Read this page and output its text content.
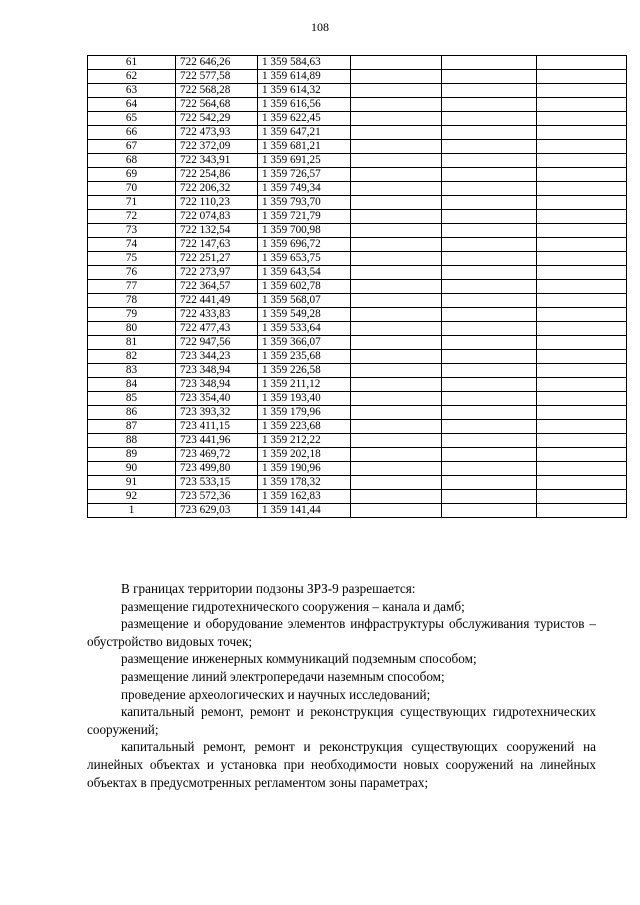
108
61	722 646,26	1 359 584,63			
62	722 577,58	1 359 614,89			
63	722 568,28	1 359 614,32			
64	722 564,68	1 359 616,56			
65	722 542,29	1 359 622,45			
66	722 473,93	1 359 647,21			
67	722 372,09	1 359 681,21			
68	722 343,91	1 359 691,25			
69	722 254,86	1 359 726,57			
70	722 206,32	1 359 749,34			
71	722 110,23	1 359 793,70			
72	722 074,83	1 359 721,79			
73	722 132,54	1 359 700,98			
74	722 147,63	1 359 696,72			
75	722 251,27	1 359 653,75			
76	722 273,97	1 359 643,54			
77	722 364,57	1 359 602,78			
78	722 441,49	1 359 568,07			
79	722 433,83	1 359 549,28			
80	722 477,43	1 359 533,64			
81	722 947,56	1 359 366,07			
82	723 344,23	1 359 235,68			
83	723 348,94	1 359 226,58			
84	723 348,94	1 359 211,12			
85	723 354,40	1 359 193,40			
86	723 393,32	1 359 179,96			
87	723 411,15	1 359 223,68			
88	723 441,96	1 359 212,22			
89	723 469,72	1 359 202,18			
90	723 499,80	1 359 190,96			
91	723 533,15	1 359 178,32			
92	723 572,36	1 359 162,83			
1	723 629,03	1 359 141,44			

В границах территории подзоны ЗРЗ-9 разрешается:

размещение гидротехнического сооружения – канала и дамб;

размещение и оборудование элементов инфраструктуры обслуживания туристов – обустройство видовых точек;

размещение инженерных коммуникаций подземным способом;

размещение линий электропередачи наземным способом;

проведение археологических и научных исследований;

капитальный ремонт, ремонт и реконструкция существующих гидротехнических сооружений;

капитальный ремонт, ремонт и реконструкция существующих сооружений на линейных объектах и установка при необходимости новых сооружений на линейных объектах в предусмотренных регламентом зоны параметрах;
